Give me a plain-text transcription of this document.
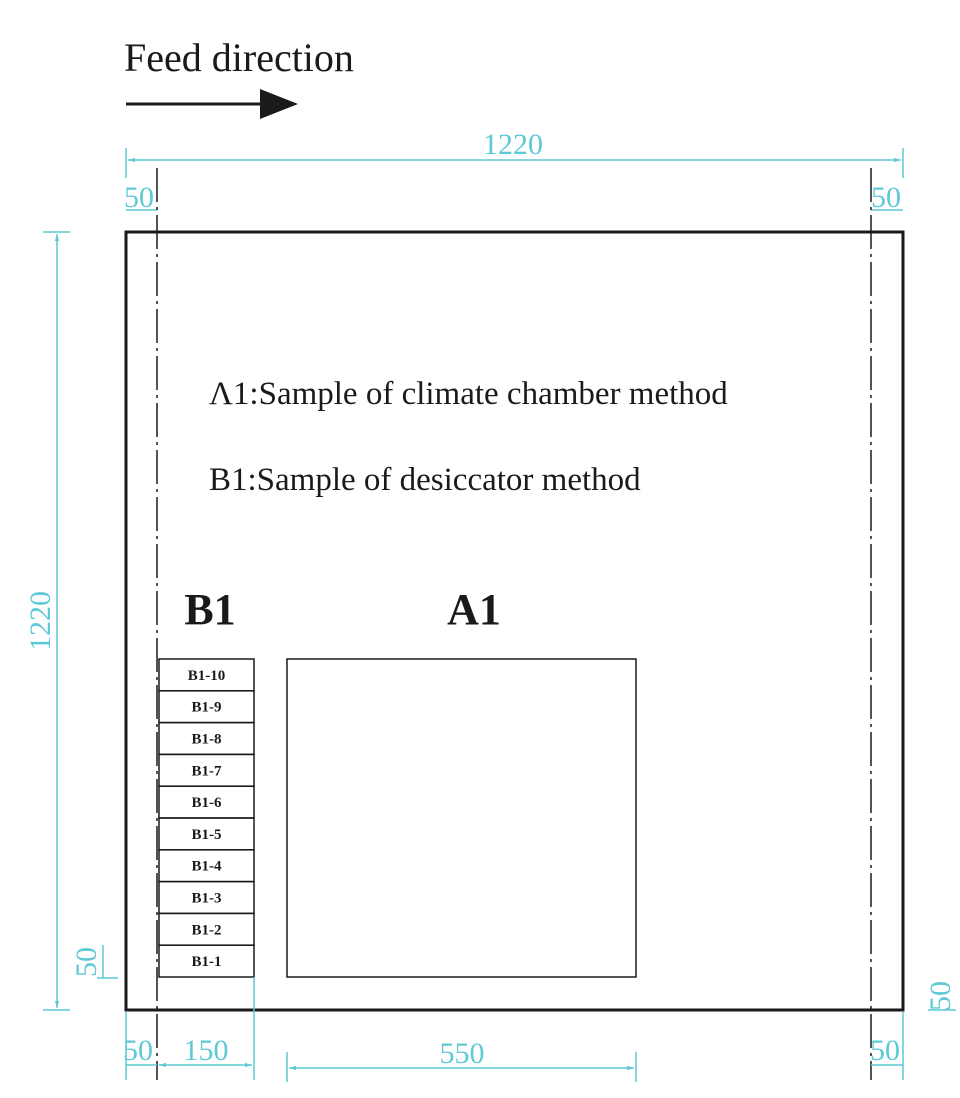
Feed direction
1220
50	50
1220
Λ1:Sample of climate chamber method
B1:Sample of desiccator method
B1	A1
B1-10
B1-9
B1-8
B1-7
B1-6
B1-5
B1-4
B1-3
B1-2
B1-1
50
50
50 150	550	50
